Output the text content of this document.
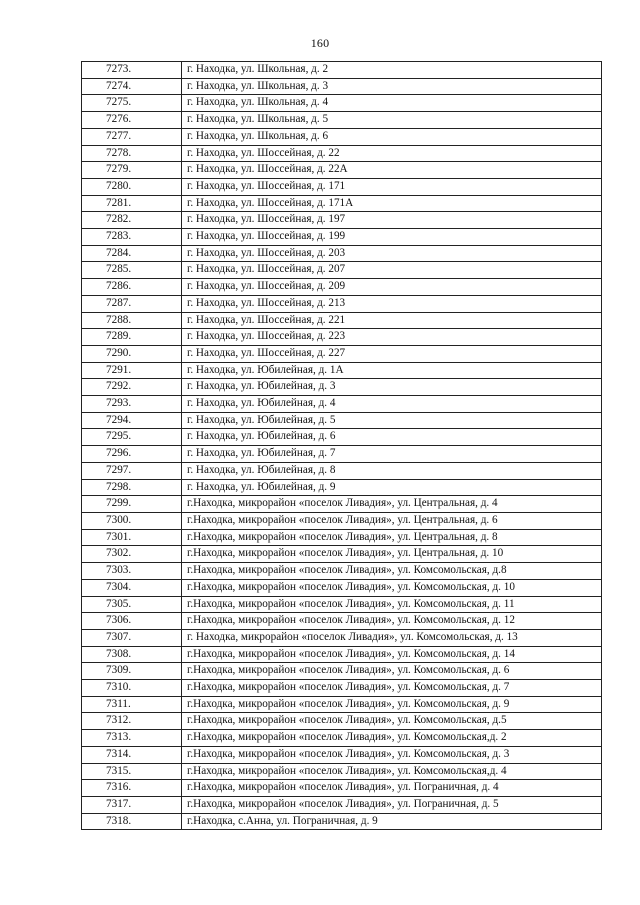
160
7273.	г. Находка, ул. Школьная, д. 2
7274.	г. Находка, ул. Школьная, д. 3
7275.	г. Находка, ул. Школьная, д. 4
7276.	г. Находка, ул. Школьная, д. 5
7277.	г. Находка, ул. Школьная, д. 6
7278.	г. Находка, ул. Шоссейная, д. 22
7279.	г. Находка, ул. Шоссейная, д. 22А
7280.	г. Находка, ул. Шоссейная, д. 171
7281.	г. Находка, ул. Шоссейная, д. 171А
7282.	г. Находка, ул. Шоссейная, д. 197
7283.	г. Находка, ул. Шоссейная, д. 199
7284.	г. Находка, ул. Шоссейная, д. 203
7285.	г. Находка, ул. Шоссейная, д. 207
7286.	г. Находка, ул. Шоссейная, д. 209
7287.	г. Находка, ул. Шоссейная, д. 213
7288.	г. Находка, ул. Шоссейная, д. 221
7289.	г. Находка, ул. Шоссейная, д. 223
7290.	г. Находка, ул. Шоссейная, д. 227
7291.	г. Находка, ул. Юбилейная, д. 1А
7292.	г. Находка, ул. Юбилейная, д. 3
7293.	г. Находка, ул. Юбилейная, д. 4
7294.	г. Находка, ул. Юбилейная, д. 5
7295.	г. Находка, ул. Юбилейная, д. 6
7296.	г. Находка, ул. Юбилейная, д. 7
7297.	г. Находка, ул. Юбилейная, д. 8
7298.	г. Находка, ул. Юбилейная, д. 9
7299.	г.Находка, микрорайон «поселок Ливадия», ул. Центральная, д. 4
7300.	г.Находка, микрорайон «поселок Ливадия», ул. Центральная, д. 6
7301.	г.Находка, микрорайон «поселок Ливадия», ул. Центральная, д. 8
7302.	г.Находка, микрорайон «поселок Ливадия», ул. Центральная, д. 10
7303.	г.Находка, микрорайон «поселок Ливадия», ул. Комсомольская, д.8
7304.	г.Находка, микрорайон «поселок Ливадия», ул. Комсомольская, д. 10
7305.	г.Находка, микрорайон «поселок Ливадия», ул. Комсомольская, д. 11
7306.	г.Находка, микрорайон «поселок Ливадия», ул. Комсомольская, д. 12
7307.	г. Находка, микрорайон «поселок Ливадия», ул. Комсомольская, д. 13
7308.	г.Находка, микрорайон «поселок Ливадия», ул. Комсомольская, д. 14
7309.	г.Находка, микрорайон «поселок Ливадия», ул. Комсомольская, д. 6
7310.	г.Находка, микрорайон «поселок Ливадия», ул. Комсомольская, д. 7
7311.	г.Находка, микрорайон «поселок Ливадия», ул. Комсомольская, д. 9
7312.	г.Находка, микрорайон «поселок Ливадия», ул. Комсомольская, д.5
7313.	г.Находка, микрорайон «поселок Ливадия», ул. Комсомольская,д. 2
7314.	г.Находка, микрорайон «поселок Ливадия», ул. Комсомольская, д. 3
7315.	г.Находка, микрорайон «поселок Ливадия», ул. Комсомольская,д. 4
7316.	г.Находка, микрорайон «поселок Ливадия», ул. Пограничная, д. 4
7317.	г.Находка, микрорайон «поселок Ливадия», ул. Пограничная, д. 5
7318.	г.Находка, с.Анна, ул. Пограничная, д. 9
